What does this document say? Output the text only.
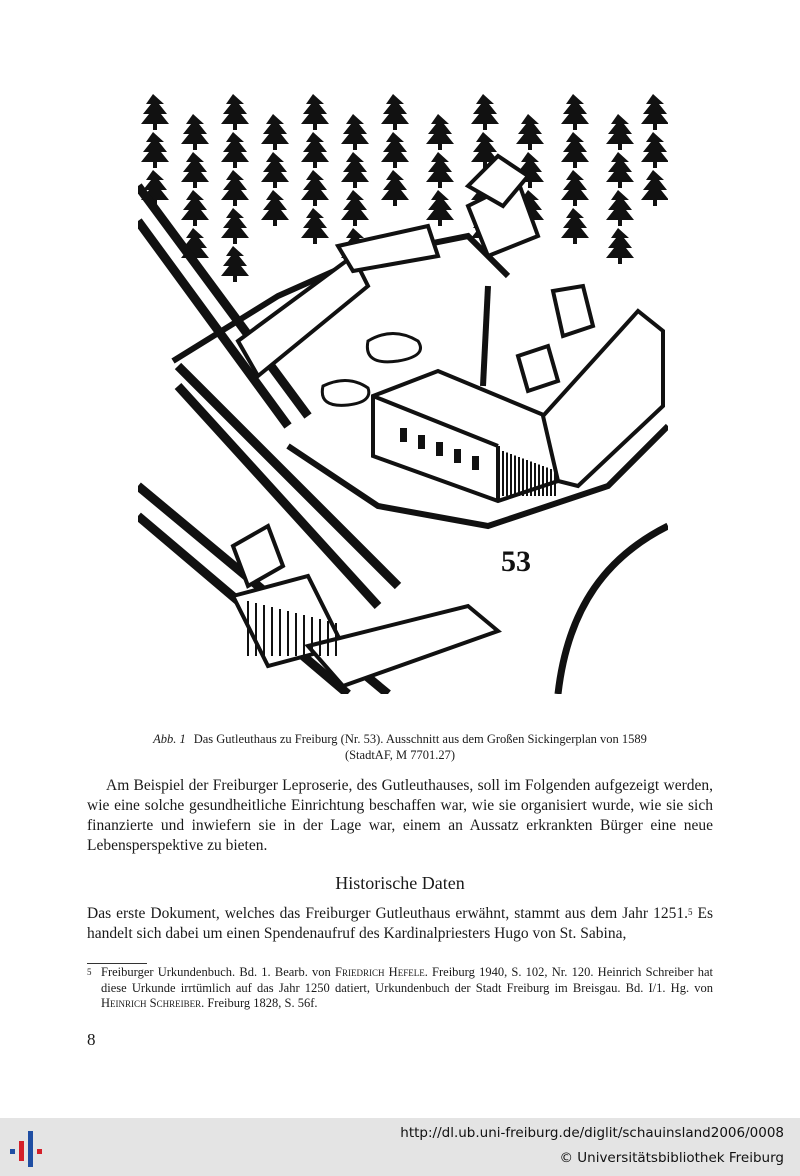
53
Abb. 1 Das Gutleuthaus zu Freiburg (Nr. 53). Ausschnitt aus dem Großen Sickingerplan von 1589
(StadtAF, M 7701.27)
Am Beispiel der Freiburger Leproserie, des Gutleuthauses, soll im Folgenden aufgezeigt werden, wie eine solche gesundheitliche Einrichtung beschaffen war, wie sie organisiert wurde, wie sie sich finanzierte und inwiefern sie in der Lage war, einem an Aussatz erkrankten Bürger eine neue Lebensperspektive zu bieten.
Historische Daten
Das erste Dokument, welches das Freiburger Gutleuthaus erwähnt, stammt aus dem Jahr 1251.$^5$ Es handelt sich dabei um einen Spendenaufruf des Kardinalpriesters Hugo von St. Sabina,
5 Freiburger Urkundenbuch. Bd. 1. Bearb. von Friedrich Hefele. Freiburg 1940, S. 102, Nr. 120. Heinrich Schreiber hat diese Urkunde irrtümlich auf das Jahr 1250 datiert, Urkundenbuch der Stadt Freiburg im Breisgau. Bd. I/1. Hg. von Heinrich Schreiber. Freiburg 1828, S. 56f.
8
http://dl.ub.uni-freiburg.de/diglit/schauinsland2006/0008
© Universitätsbibliothek Freiburg
